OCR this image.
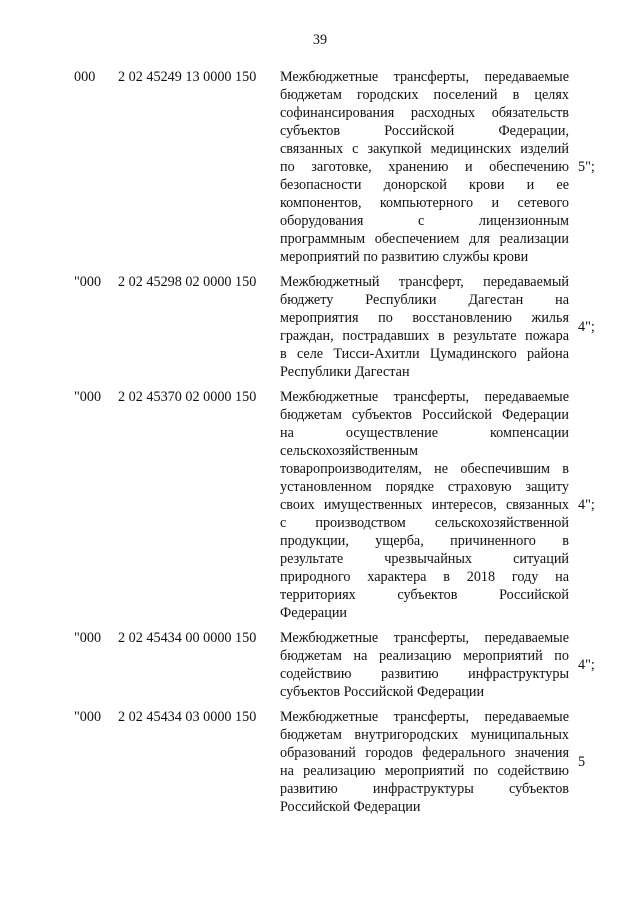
39
000	2 02 45249 13 0000 150	Межбюджетные трансферты, передаваемые
бюджетам городских поселений в целях
софинансирования расходных обязательств
субъектов Российской Федерации,
связанных с закупкой медицинских изделий
по заготовке, хранению и обеспечению
безопасности донорской крови и ее
компонентов, компьютерного и сетевого
оборудования с лицензионным
программным обеспечением для реализации
мероприятий по развитию службы крови
5";
"000	2 02 45298 02 0000 150	Межбюджетный трансферт, передаваемый
бюджету Республики Дагестан на
мероприятия по восстановлению жилья
граждан, пострадавших в результате пожара
в селе Тисси-Ахитли Цумадинского района
Республики Дагестан
4";
"000	2 02 45370 02 0000 150	Межбюджетные трансферты, передаваемые
бюджетам субъектов Российской Федерации
на осуществление компенсации
сельскохозяйственным
товаропроизводителям, не обеспечившим в
установленном порядке страховую защиту
своих имущественных интересов, связанных
с производством сельскохозяйственной
продукции, ущерба, причиненного в
результате чрезвычайных ситуаций
природного характера в 2018 году на
территориях субъектов Российской
Федерации
4";
"000	2 02 45434 00 0000 150	Межбюджетные трансферты, передаваемые
бюджетам на реализацию мероприятий по
содействию развитию инфраструктуры
субъектов Российской Федерации
4";
"000	2 02 45434 03 0000 150	Межбюджетные трансферты, передаваемые
бюджетам внутригородских муниципальных
образований городов федерального значения
на реализацию мероприятий по содействию
развитию инфраструктуры субъектов
Российской Федерации
5
